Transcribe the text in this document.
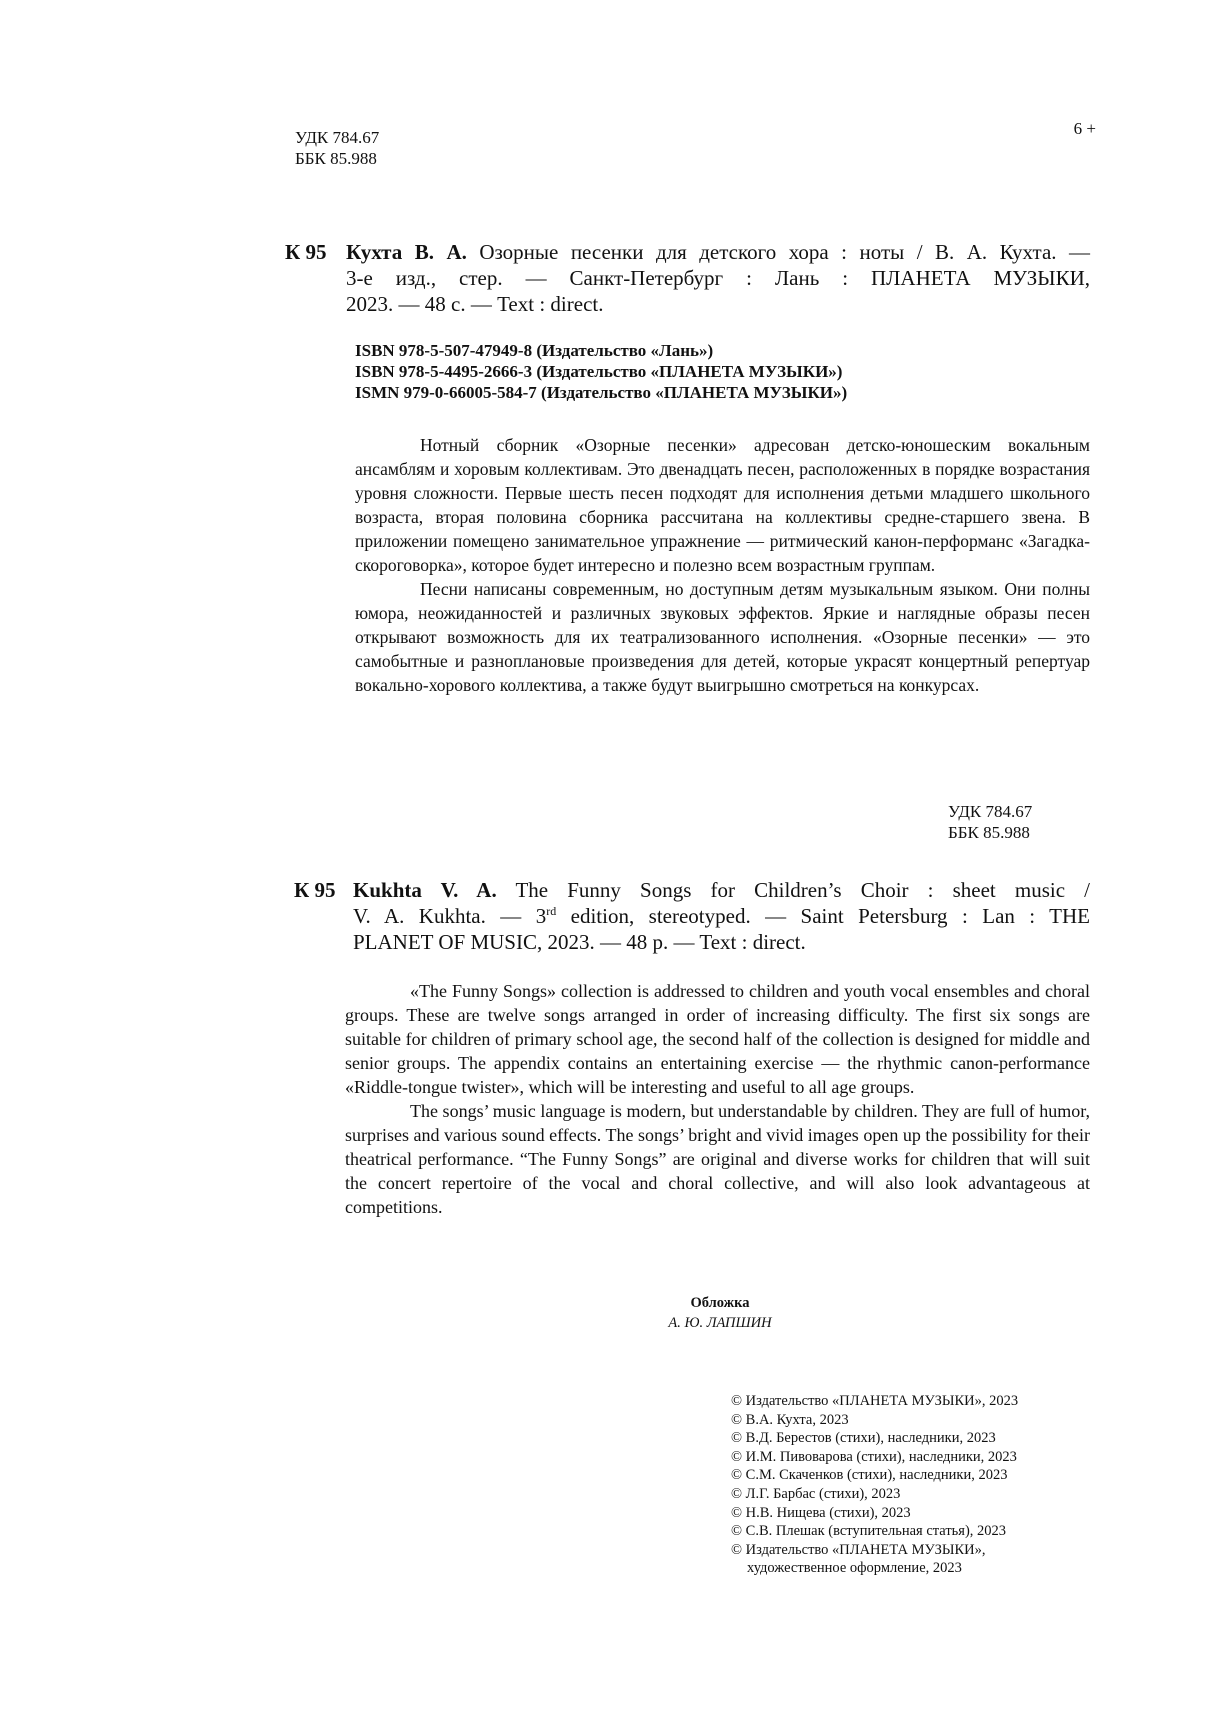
УДК 784.67
ББК 85.988
6 +
К 95 Кухта В. А. Озорные песенки для детского хора : ноты / В. А. Кухта. —
3-е изд., стер. — Санкт-Петербург : Лань : ПЛАНЕТА МУЗЫКИ,
2023. — 48 с. — Text : direct.
ISBN 978-5-507-47949-8 (Издательство «Лань»)
ISBN 978-5-4495-2666-3 (Издательство «ПЛАНЕТА МУЗЫКИ»)
ISMN 979-0-66005-584-7 (Издательство «ПЛАНЕТА МУЗЫКИ»)

Нотный сборник «Озорные песенки» адресован детско-юношеским вокальным ансамблям и хоровым коллективам. Это двенадцать песен, расположенных в порядке возрастания уровня сложности. Первые шесть песен подходят для исполнения детьми младшего школьного возраста, вторая половина сборника рассчитана на коллективы средне-старшего звена. В приложении помещено занимательное упражнение — ритмический канон-перформанс «Загадка-скороговорка», которое будет интересно и полезно всем возрастным группам.

Песни написаны современным, но доступным детям музыкальным языком. Они полны юмора, неожиданностей и различных звуковых эффектов. Яркие и наглядные образы песен открывают возможность для их театрализованного исполнения. «Озорные песенки» — это самобытные и разноплановые произведения для детей, которые украсят концертный репертуар вокально-хорового коллектива, а также будут выигрышно смотреться на конкурсах.

УДК 784.67
ББК 85.988
К 95 Kukhta V. A. The Funny Songs for Children’s Choir : sheet music /
V. A. Kukhta. — 3rd edition, stereotyped. — Saint Petersburg : Lan : THE
PLANET OF MUSIC, 2023. — 48 p. — Text : direct.

«The Funny Songs» collection is addressed to children and youth vocal ensembles and choral groups. These are twelve songs arranged in order of increasing difficulty. The first six songs are suitable for children of primary school age, the second half of the collection is designed for middle and senior groups. The appendix contains an entertaining exercise — the rhythmic canon-performance «Riddle-tongue twister», which will be interesting and useful to all age groups.

The songs’ music language is modern, but understandable by children. They are full of humor, surprises and various sound effects. The songs’ bright and vivid images open up the possibility for their theatrical performance. “The Funny Songs” are original and diverse works for children that will suit the concert repertoire of the vocal and choral collective, and will also look advantageous at competitions.

Обложка
А. Ю. ЛАПШИН
© Издательство «ПЛАНЕТА МУЗЫКИ», 2023
© В.А. Кухта, 2023
© В.Д. Берестов (стихи), наследники, 2023
© И.М. Пивоварова (стихи), наследники, 2023
© С.М. Скаченков (стихи), наследники, 2023
© Л.Г. Барбас (стихи), 2023
© Н.В. Нищева (стихи), 2023
© С.В. Плешак (вступительная статья), 2023
© Издательство «ПЛАНЕТА МУЗЫКИ»,
художественное оформление, 2023
